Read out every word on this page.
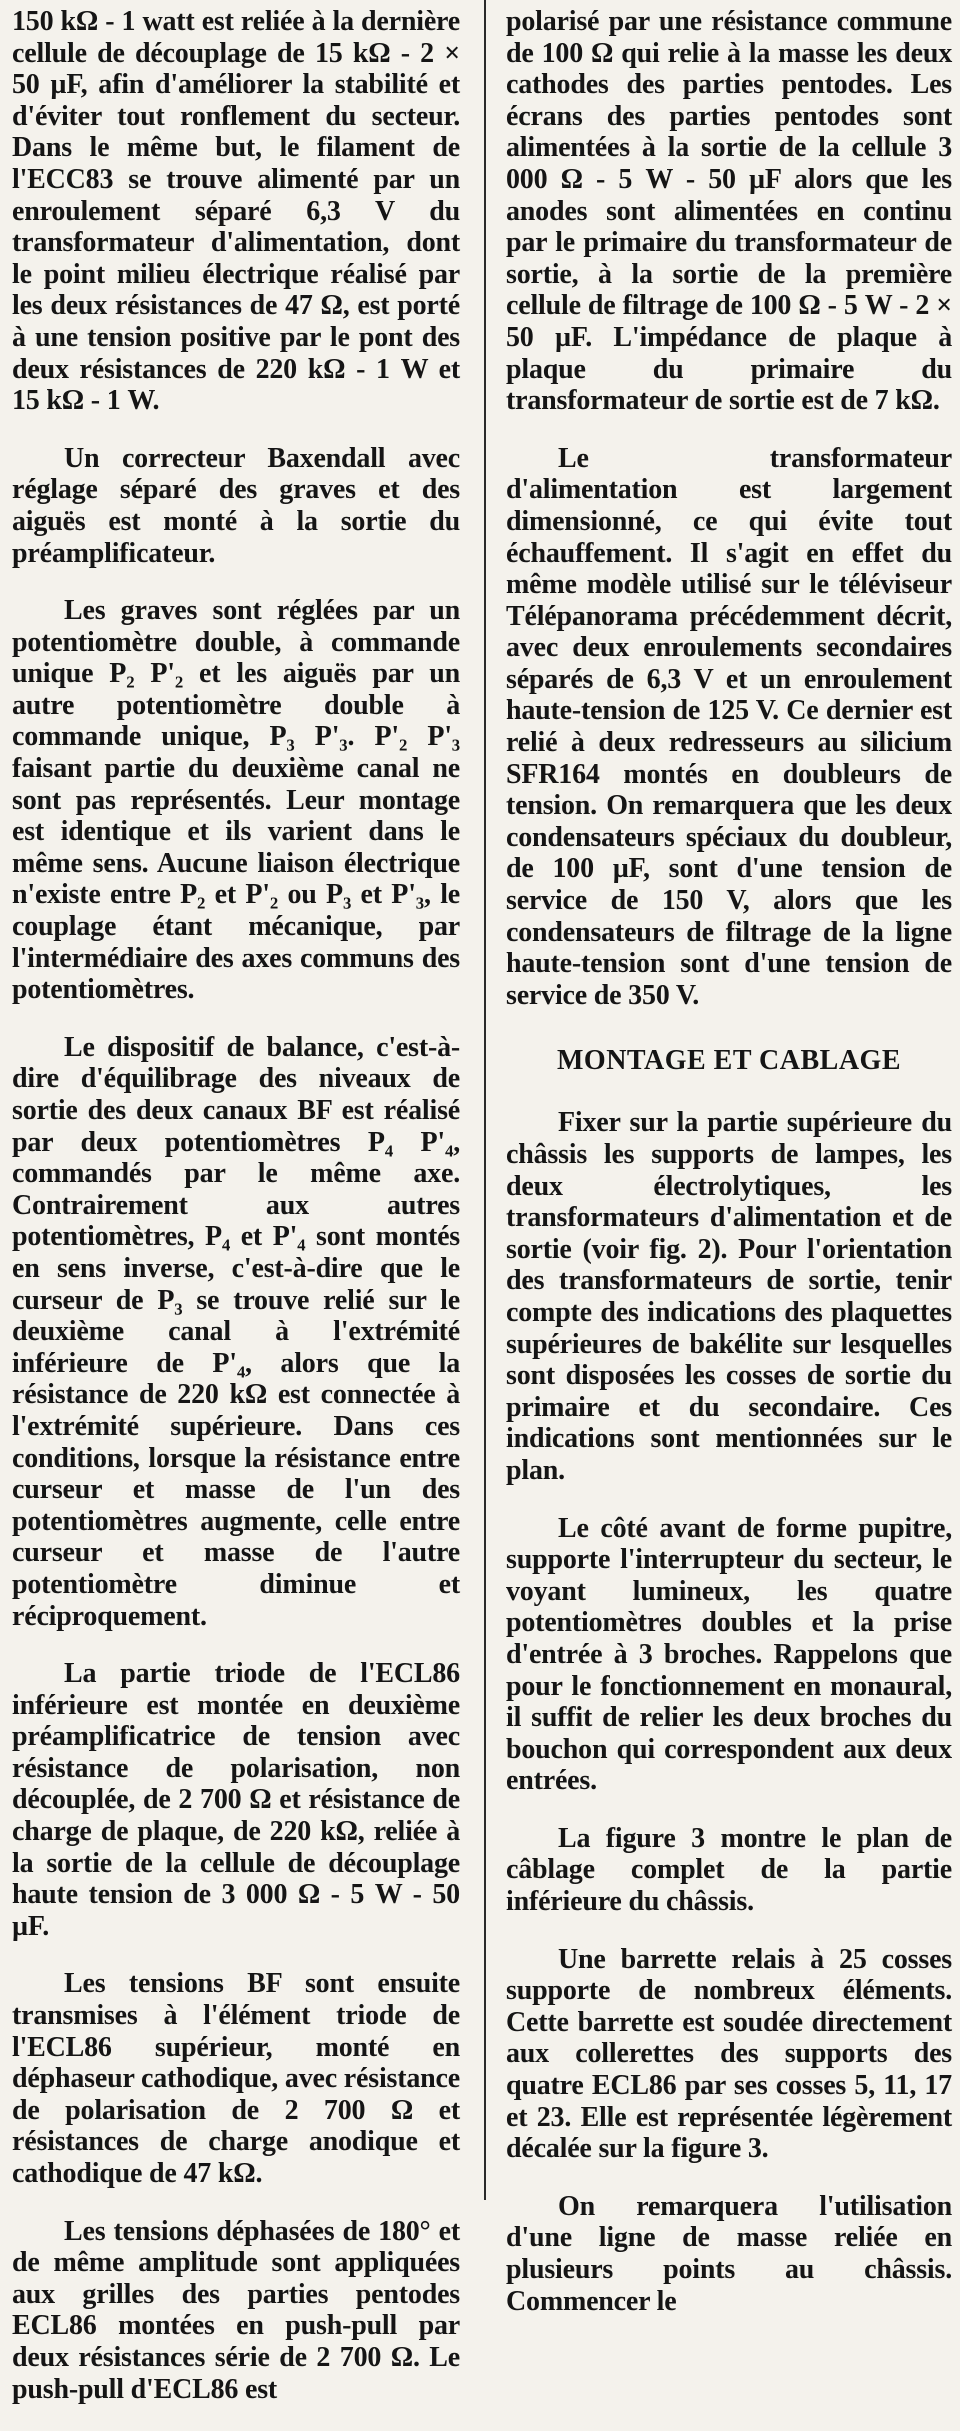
150 kΩ - 1 watt est reliée à la dernière cellule de découplage de 15 kΩ - 2 × 50 µF, afin d'améliorer la stabilité et d'éviter tout ronflement du secteur. Dans le même but, le filament de l'ECC83 se trouve alimenté par un enroulement séparé 6,3 V du transformateur d'alimentation, dont le point milieu électrique réalisé par les deux résistances de 47 Ω, est porté à une tension positive par le pont des deux résistances de 220 kΩ - 1 W et 15 kΩ - 1 W.

Un correcteur Baxendall avec réglage séparé des graves et des aiguës est monté à la sortie du préamplificateur.

Les graves sont réglées par un potentiomètre double, à commande unique P₂ P'₂ et les aiguës par un autre potentiomètre double à commande unique, P₃ P'₃. P'₂ P'₃ faisant partie du deuxième canal ne sont pas représentés. Leur montage est identique et ils varient dans le même sens. Aucune liaison électrique n'existe entre P₂ et P'₂ ou P₃ et P'₃, le couplage étant mécanique, par l'intermédiaire des axes communs des potentiomètres.

Le dispositif de balance, c'est-à-dire d'équilibrage des niveaux de sortie des deux canaux BF est réalisé par deux potentiomètres P₄ P'₄, commandés par le même axe. Contrairement aux autres potentiomètres, P₄ et P'₄ sont montés en sens inverse, c'est-à-dire que le curseur de P₃ se trouve relié sur le deuxième canal à l'extrémité inférieure de P'₄, alors que la résistance de 220 kΩ est connectée à l'extrémité supérieure. Dans ces conditions, lorsque la résistance entre curseur et masse de l'un des potentiomètres augmente, celle entre curseur et masse de l'autre potentiomètre diminue et réciproquement.

La partie triode de l'ECL86 inférieure est montée en deuxième préamplificatrice de tension avec résistance de polarisation, non découplée, de 2 700 Ω et résistance de charge de plaque, de 220 kΩ, reliée à la sortie de la cellule de découplage haute tension de 3 000 Ω - 5 W - 50 µF.

Les tensions BF sont ensuite transmises à l'élément triode de l'ECL86 supérieur, monté en déphaseur cathodique, avec résistance de polarisation de 2 700 Ω et résistances de charge anodique et cathodique de 47 kΩ.

Les tensions déphasées de 180° et de même amplitude sont appliquées aux grilles des parties pentodes ECL86 montées en push-pull par deux résistances série de 2 700 Ω. Le push-pull d'ECL86 est

polarisé par une résistance commune de 100 Ω qui relie à la masse les deux cathodes des parties pentodes. Les écrans des parties pentodes sont alimentées à la sortie de la cellule 3 000 Ω - 5 W - 50 µF alors que les anodes sont alimentées en continu par le primaire du transformateur de sortie, à la sortie de la première cellule de filtrage de 100 Ω - 5 W - 2 × 50 µF. L'impédance de plaque à plaque du primaire du transformateur de sortie est de 7 kΩ.

Le transformateur d'alimentation est largement dimensionné, ce qui évite tout échauffement. Il s'agit en effet du même modèle utilisé sur le téléviseur Télépanorama précédemment décrit, avec deux enroulements secondaires séparés de 6,3 V et un enroulement haute-tension de 125 V. Ce dernier est relié à deux redresseurs au silicium SFR164 montés en doubleurs de tension. On remarquera que les deux condensateurs spéciaux du doubleur, de 100 µF, sont d'une tension de service de 150 V, alors que les condensateurs de filtrage de la ligne haute-tension sont d'une tension de service de 350 V.

MONTAGE ET CABLAGE

Fixer sur la partie supérieure du châssis les supports de lampes, les deux électrolytiques, les transformateurs d'alimentation et de sortie (voir fig. 2). Pour l'orientation des transformateurs de sortie, tenir compte des indications des plaquettes supérieures de bakélite sur lesquelles sont disposées les cosses de sortie du primaire et du secondaire. Ces indications sont mentionnées sur le plan.

Le côté avant de forme pupitre, supporte l'interrupteur du secteur, le voyant lumineux, les quatre potentiomètres doubles et la prise d'entrée à 3 broches. Rappelons que pour le fonctionnement en monaural, il suffit de relier les deux broches du bouchon qui correspondent aux deux entrées.

La figure 3 montre le plan de câblage complet de la partie inférieure du châssis.

Une barrette relais à 25 cosses supporte de nombreux éléments. Cette barrette est soudée directement aux collerettes des supports des quatre ECL86 par ses cosses 5, 11, 17 et 23. Elle est représentée légèrement décalée sur la figure 3.

On remarquera l'utilisation d'une ligne de masse reliée en plusieurs points au châssis. Commencer le
